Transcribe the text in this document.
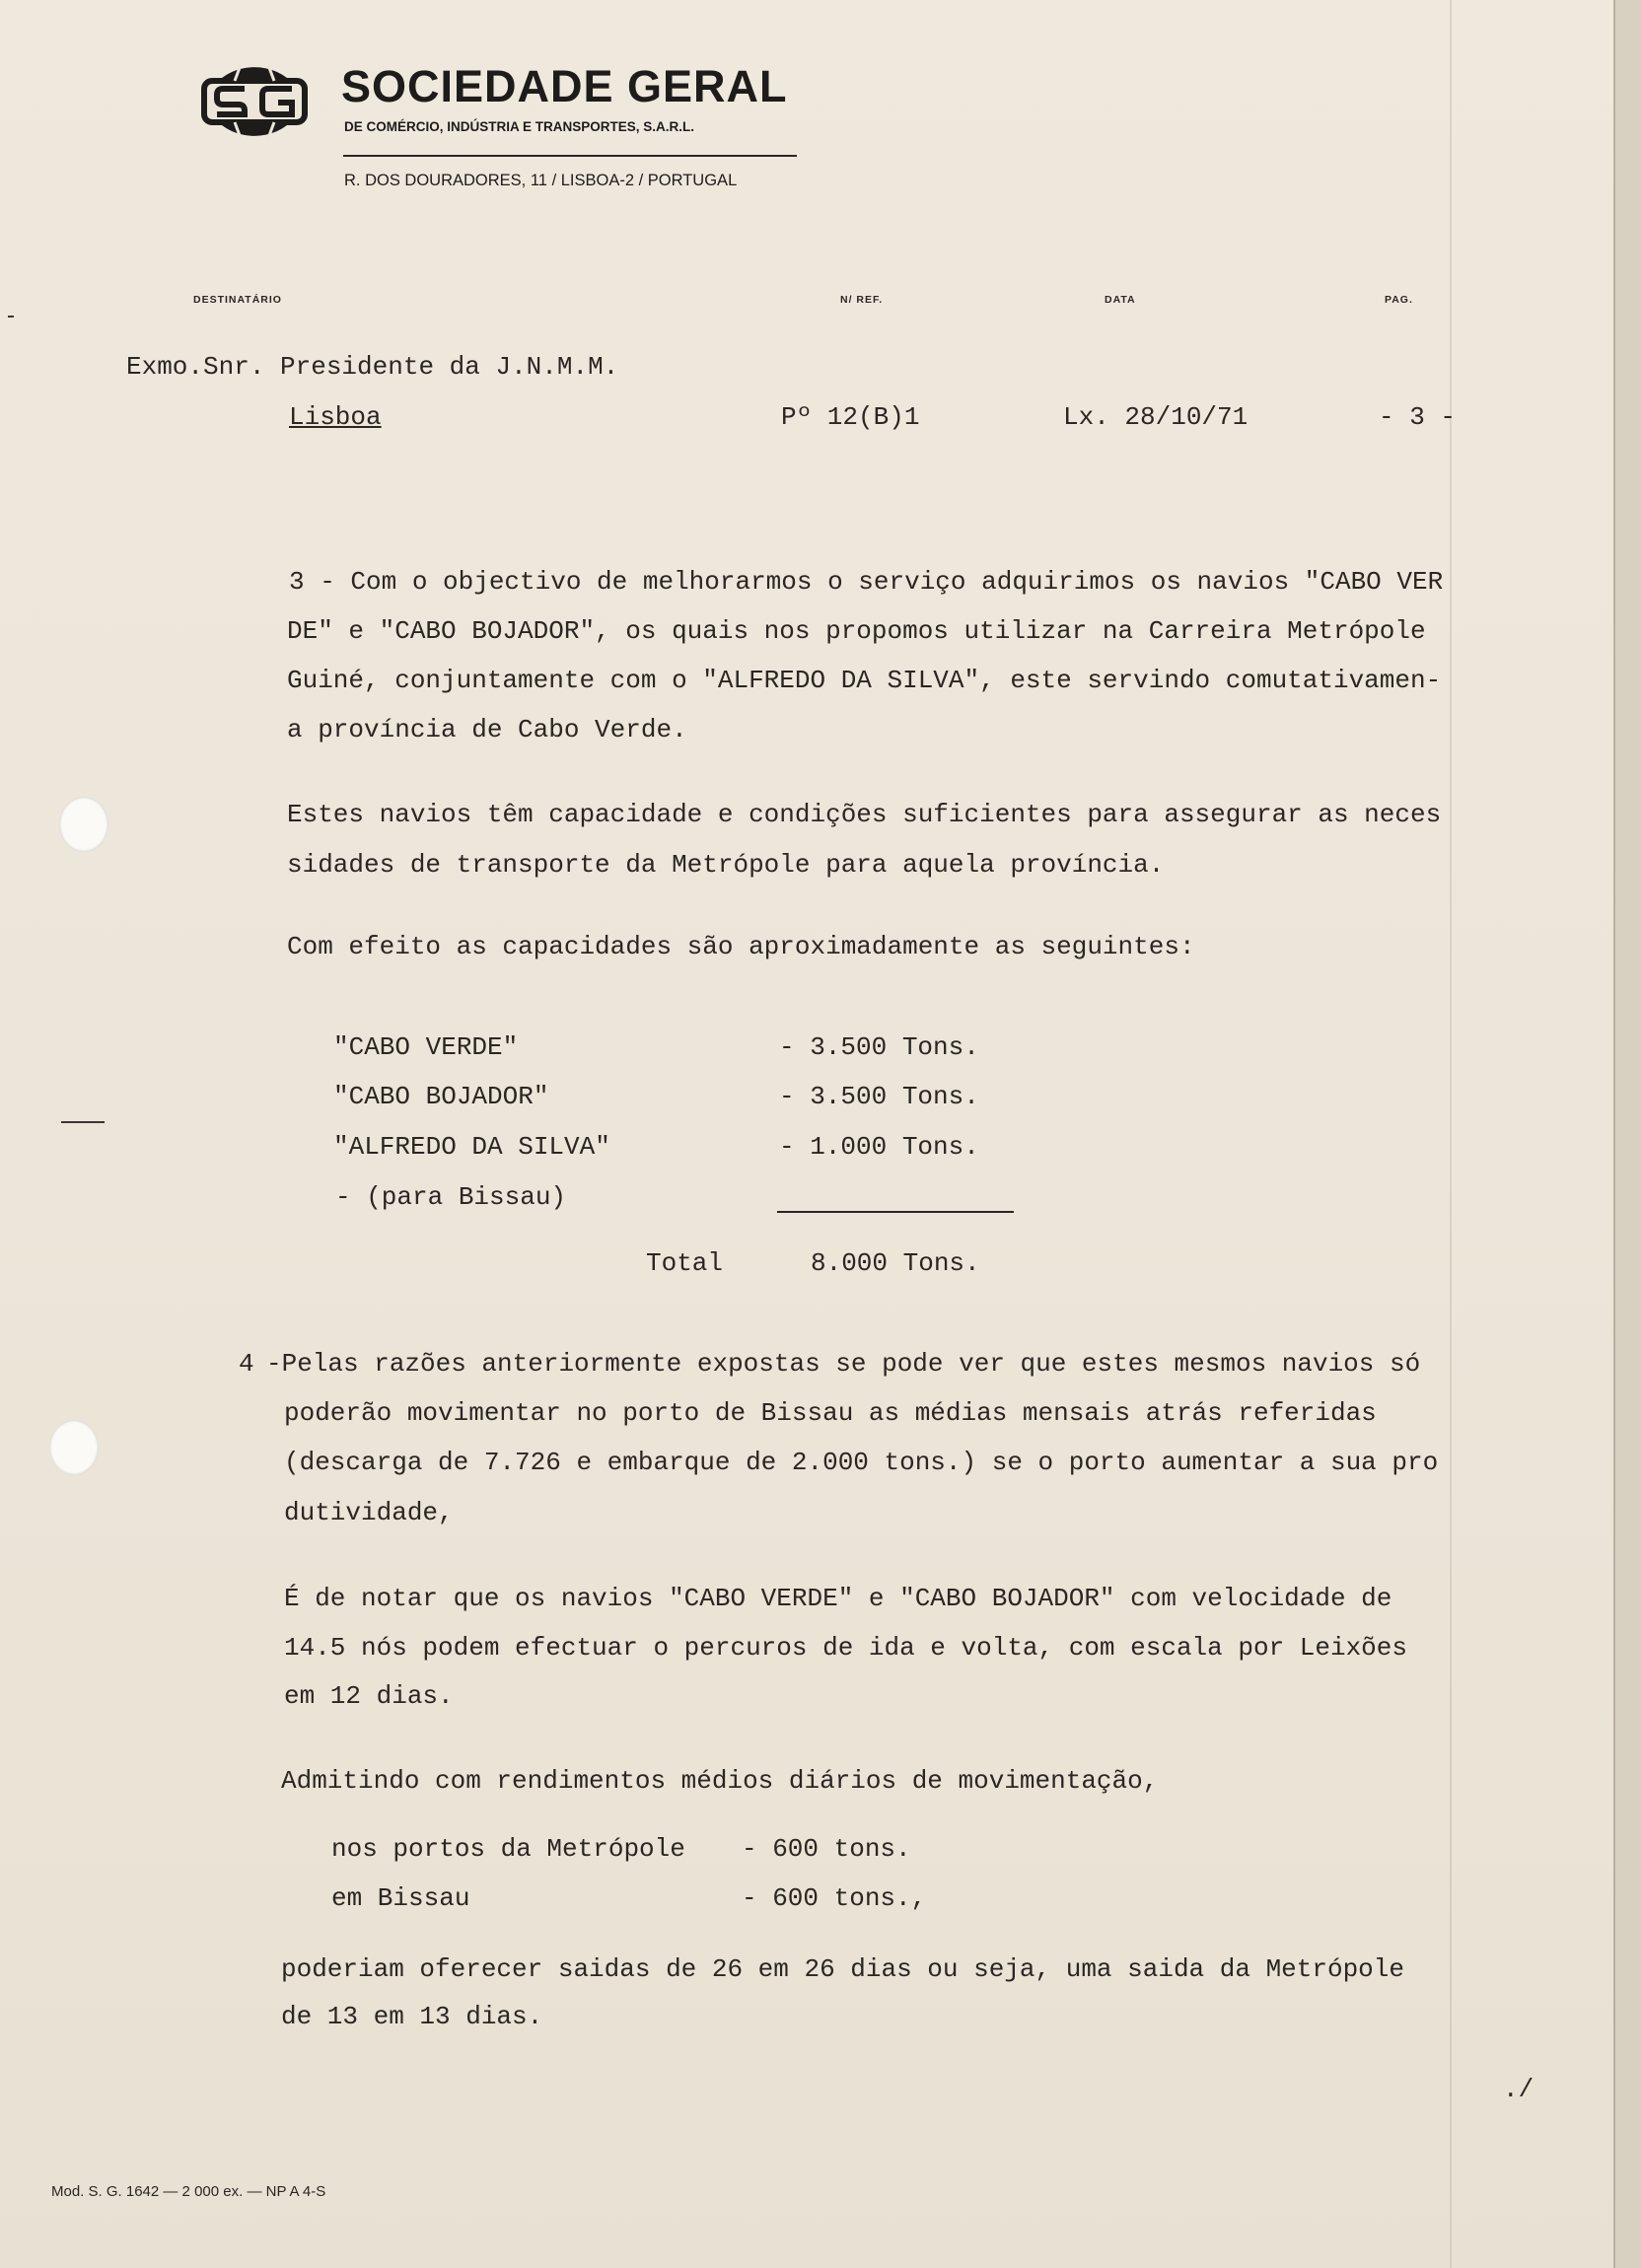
SOCIEDADE GERAL
DE COMÉRCIO, INDÚSTRIA E TRANSPORTES, S.A.R.L.
R. DOS DOURADORES, 11 / LISBOA-2 / PORTUGAL
DESTINATÁRIO	N/ REF.	DATA	PAG.
Exmo.Snr. Presidente da J.N.M.M.
Lisboa	Pº 12(B)1	Lx. 28/10/71	- 3 -
3 - Com o objectivo de melhorarmos o serviço adquirimos os navios "CABO VER
DE" e "CABO BOJADOR", os quais nos propomos utilizar na Carreira Metrópole
Guiné, conjuntamente com o "ALFREDO DA SILVA", este servindo comutativamen-
a província de Cabo Verde.
Estes navios têm capacidade e condições suficientes para assegurar as neces
sidades de transporte da Metrópole para aquela província.
Com efeito as capacidades são aproximadamente as seguintes:
"CABO VERDE"	- 3.500 Tons.
"CABO BOJADOR"	- 3.500 Tons.
"ALFREDO DA SILVA"	- 1.000 Tons.
- (para Bissau)
Total	8.000 Tons.
4 -Pelas razões anteriormente expostas se pode ver que estes mesmos navios só
poderão movimentar no porto de Bissau as médias mensais atrás referidas
(descarga de 7.726 e embarque de 2.000 tons.) se o porto aumentar a sua pro
dutividade,
É de notar que os navios "CABO VERDE" e "CABO BOJADOR" com velocidade de
14.5 nós podem efectuar o percuros de ida e volta, com escala por Leixões
em 12 dias.
Admitindo com rendimentos médios diários de movimentação,
nos portos da Metrópole - 600 tons.
em Bissau	- 600 tons.,
poderiam oferecer saidas de 26 em 26 dias ou seja, uma saida da Metrópole
de 13 em 13 dias.
./
Mod. S. G. 1642 — 2 000 ex. — NP A 4-S
